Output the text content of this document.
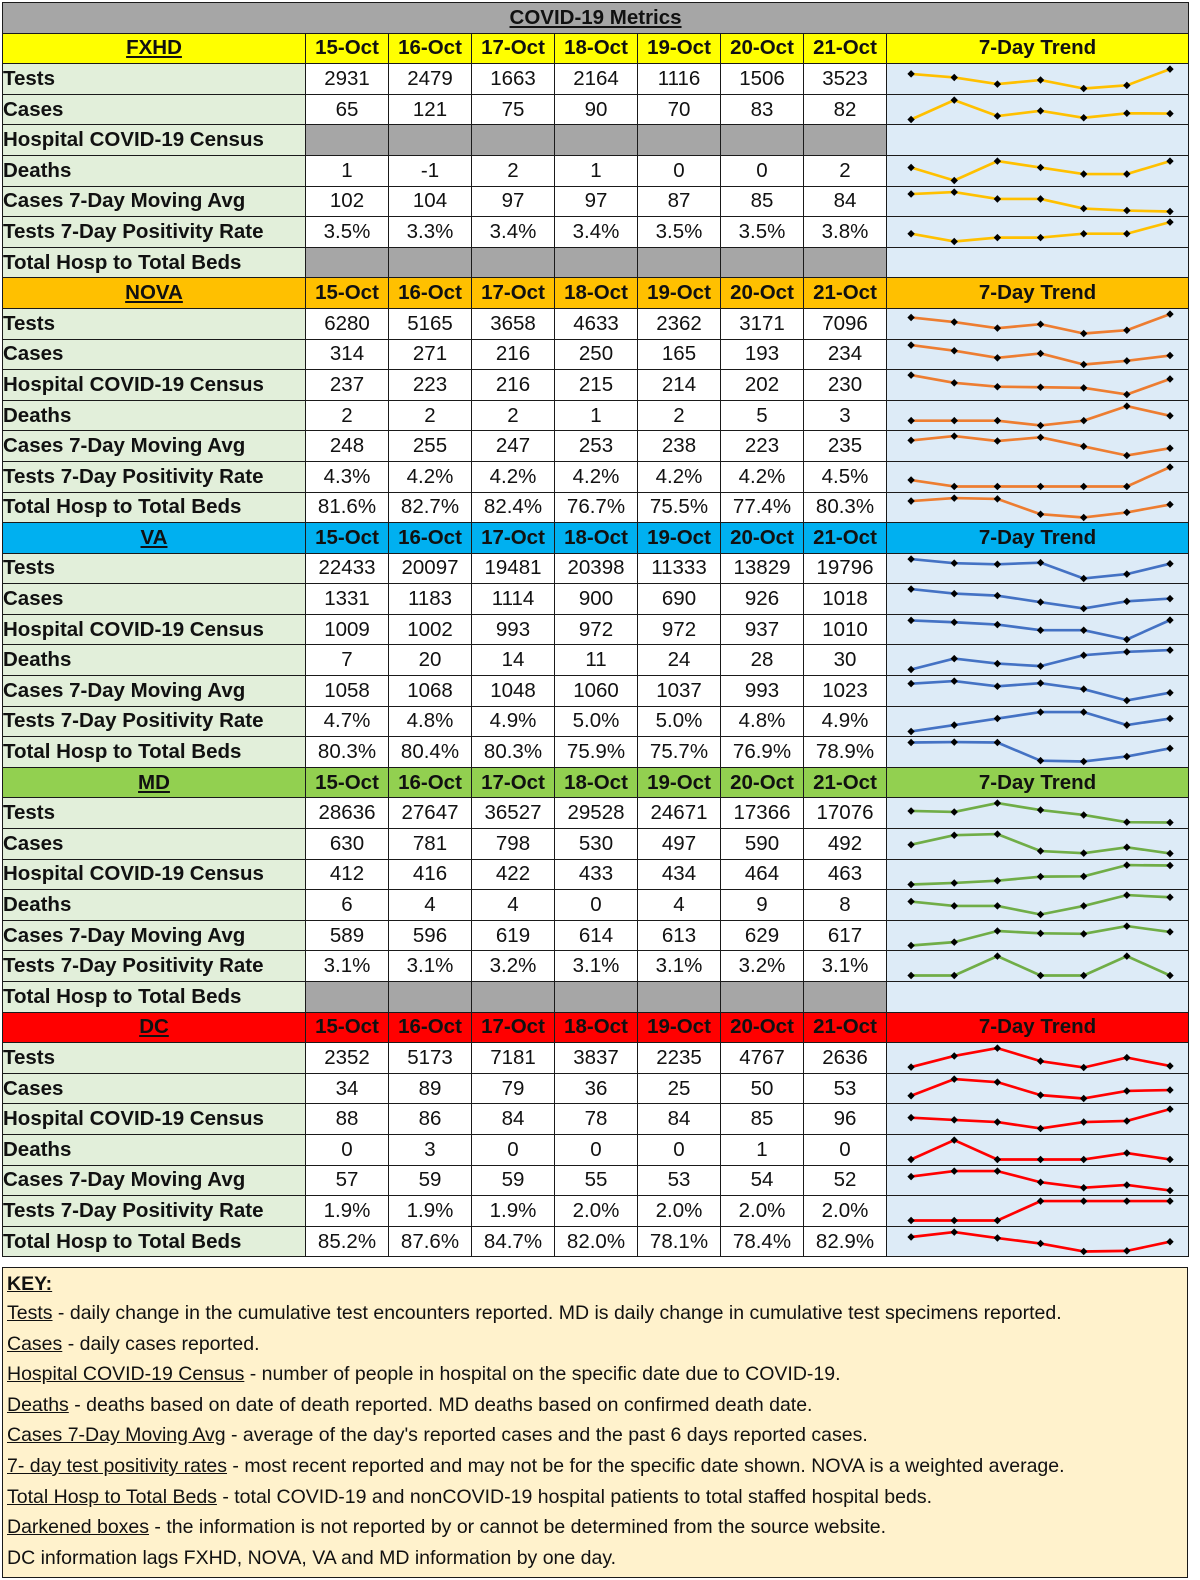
COVID-19 Metrics								
FXHD	15-Oct	16-Oct	17-Oct	18-Oct	19-Oct	20-Oct	21-Oct	7-Day Trend
Tests	2931	2479	1663	2164	1116	1506	3523	

Cases	65	121	75	90	70	83	82	

Hospital COVID-19 Census								
Deaths	1	-1	2	1	0	0	2	

Cases 7-Day Moving Avg	102	104	97	97	87	85	84	

Tests 7-Day Positivity Rate	3.5%	3.3%	3.4%	3.4%	3.5%	3.5%	3.8%	

Total Hosp to Total Beds								
NOVA	15-Oct	16-Oct	17-Oct	18-Oct	19-Oct	20-Oct	21-Oct	7-Day Trend
Tests	6280	5165	3658	4633	2362	3171	7096	

Cases	314	271	216	250	165	193	234	

Hospital COVID-19 Census	237	223	216	215	214	202	230	

Deaths	2	2	2	1	2	5	3	

Cases 7-Day Moving Avg	248	255	247	253	238	223	235	

Tests 7-Day Positivity Rate	4.3%	4.2%	4.2%	4.2%	4.2%	4.2%	4.5%	

Total Hosp to Total Beds	81.6%	82.7%	82.4%	76.7%	75.5%	77.4%	80.3%	

VA	15-Oct	16-Oct	17-Oct	18-Oct	19-Oct	20-Oct	21-Oct	7-Day Trend
Tests	22433	20097	19481	20398	11333	13829	19796	

Cases	1331	1183	1114	900	690	926	1018	

Hospital COVID-19 Census	1009	1002	993	972	972	937	1010	

Deaths	7	20	14	11	24	28	30	

Cases 7-Day Moving Avg	1058	1068	1048	1060	1037	993	1023	

Tests 7-Day Positivity Rate	4.7%	4.8%	4.9%	5.0%	5.0%	4.8%	4.9%	

Total Hosp to Total Beds	80.3%	80.4%	80.3%	75.9%	75.7%	76.9%	78.9%	

MD	15-Oct	16-Oct	17-Oct	18-Oct	19-Oct	20-Oct	21-Oct	7-Day Trend
Tests	28636	27647	36527	29528	24671	17366	17076	

Cases	630	781	798	530	497	590	492	

Hospital COVID-19 Census	412	416	422	433	434	464	463	

Deaths	6	4	4	0	4	9	8	

Cases 7-Day Moving Avg	589	596	619	614	613	629	617	

Tests 7-Day Positivity Rate	3.1%	3.1%	3.2%	3.1%	3.1%	3.2%	3.1%	

Total Hosp to Total Beds								
DC	15-Oct	16-Oct	17-Oct	18-Oct	19-Oct	20-Oct	21-Oct	7-Day Trend
Tests	2352	5173	7181	3837	2235	4767	2636	

Cases	34	89	79	36	25	50	53	

Hospital COVID-19 Census	88	86	84	78	84	85	96	

Deaths	0	3	0	0	0	1	0	

Cases 7-Day Moving Avg	57	59	59	55	53	54	52	

Tests 7-Day Positivity Rate	1.9%	1.9%	1.9%	2.0%	2.0%	2.0%	2.0%	

Total Hosp to Total Beds	85.2%	87.6%	84.7%	82.0%	78.1%	78.4%	82.9%	
KEY:
Tests - daily change in the cumulative test encounters reported. MD is daily change in cumulative test specimens reported.
Cases - daily cases reported.
Hospital COVID-19 Census - number of people in hospital on the specific date due to COVID-19.
Deaths - deaths based on date of death reported. MD deaths based on confirmed death date.
Cases 7-Day Moving Avg - average of the day's reported cases and the past 6 days reported cases.
7- day test positivity rates - most recent reported and may not be for the specific date shown. NOVA is a weighted average.
Total Hosp to Total Beds - total COVID-19 and nonCOVID-19 hospital patients to total staffed hospital beds.
Darkened boxes - the information is not reported by or cannot be determined from the source website.
DC information lags FXHD, NOVA, VA and MD information by one day.
